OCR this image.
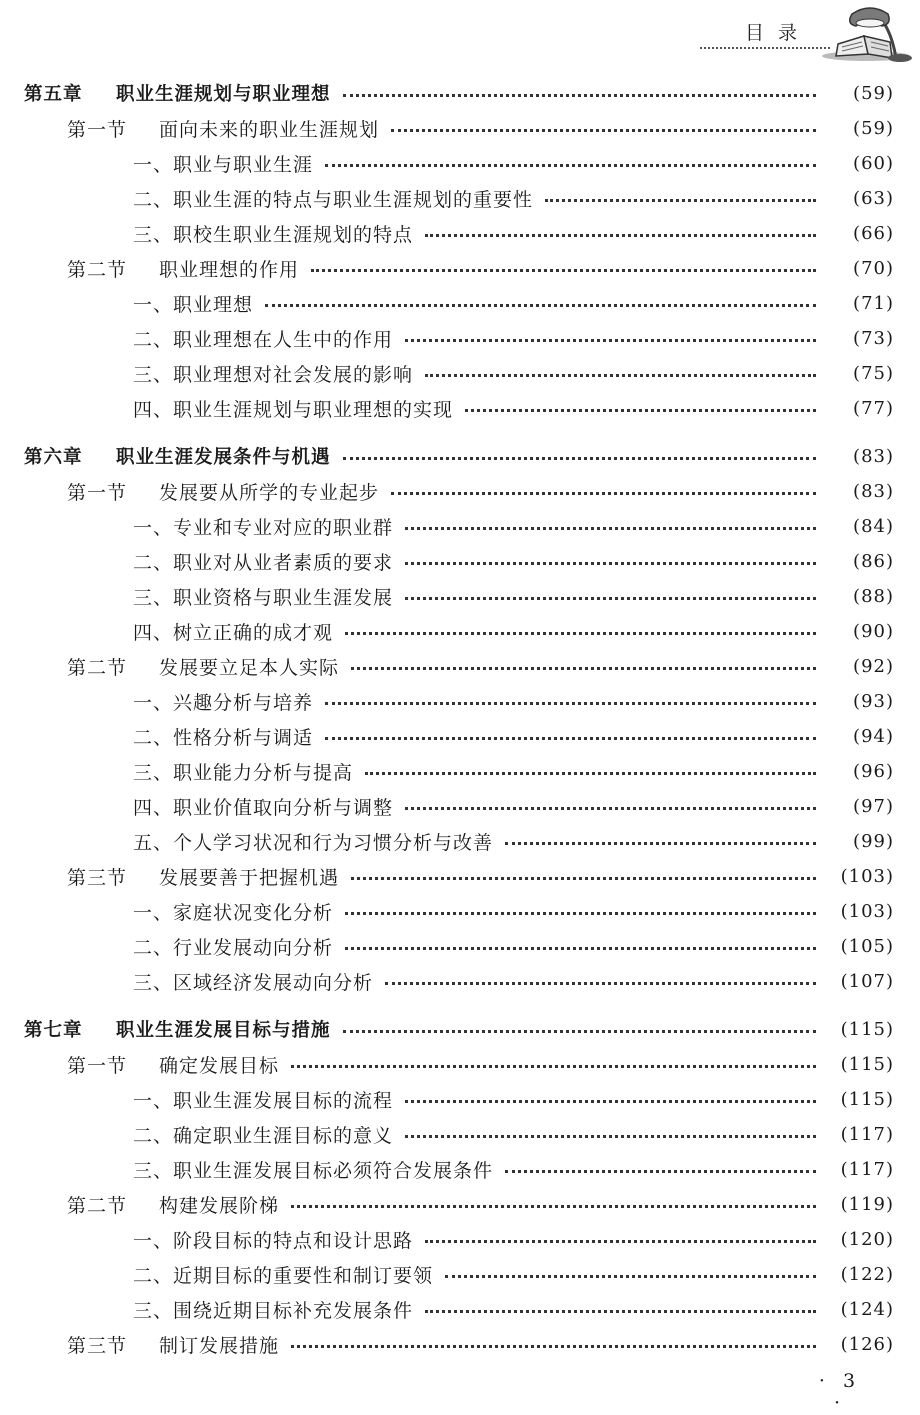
目录
第五章 职业生涯规划与职业理想	(59)
第一节 面向未来的职业生涯规划	(59)
一、职业与职业生涯	(60)
二、职业生涯的特点与职业生涯规划的重要性	(63)
三、职校生职业生涯规划的特点	(66)
第二节 职业理想的作用	(70)
一、职业理想	(71)
二、职业理想在人生中的作用	(73)
三、职业理想对社会发展的影响	(75)
四、职业生涯规划与职业理想的实现	(77)
第六章 职业生涯发展条件与机遇	(83)
第一节 发展要从所学的专业起步	(83)
一、专业和专业对应的职业群	(84)
二、职业对从业者素质的要求	(86)
三、职业资格与职业生涯发展	(88)
四、树立正确的成才观	(90)
第二节 发展要立足本人实际	(92)
一、兴趣分析与培养	(93)
二、性格分析与调适	(94)
三、职业能力分析与提高	(96)
四、职业价值取向分析与调整	(97)
五、个人学习状况和行为习惯分析与改善	(99)
第三节 发展要善于把握机遇	(103)
一、家庭状况变化分析	(103)
二、行业发展动向分析	(105)
三、区域经济发展动向分析	(107)
第七章 职业生涯发展目标与措施	(115)
第一节 确定发展目标	(115)
一、职业生涯发展目标的流程	(115)
二、确定职业生涯目标的意义	(117)
三、职业生涯发展目标必须符合发展条件	(117)
第二节 构建发展阶梯	(119)
一、阶段目标的特点和设计思路	(120)
二、近期目标的重要性和制订要领	(122)
三、围绕近期目标补充发展条件	(124)
第三节 制订发展措施	(126)
· 3 ·
